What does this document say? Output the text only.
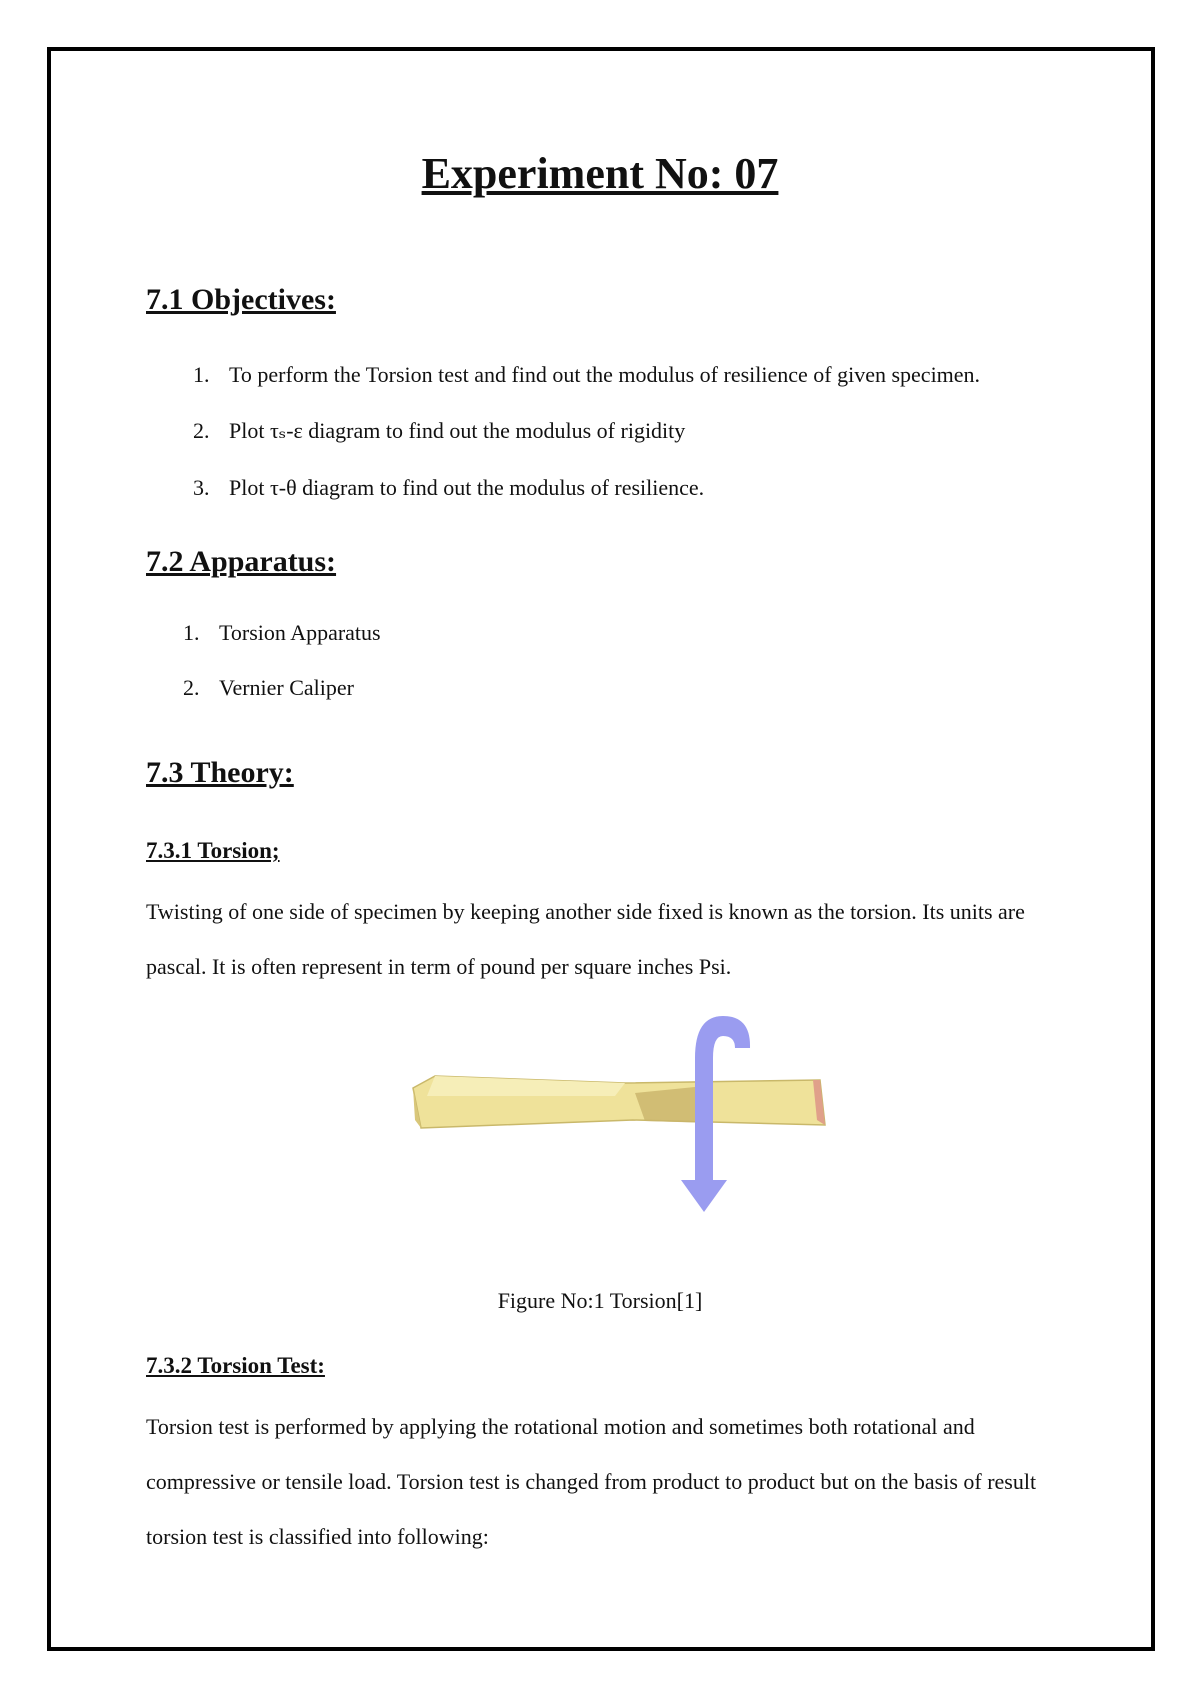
Experiment No: 07
7.1 Objectives:

1. To perform the Torsion test and find out the modulus of resilience of given specimen.

2. Plot τₛ-ε diagram to find out the modulus of rigidity

3. Plot τ-θ diagram to find out the modulus of resilience.

7.2 Apparatus:

1. Torsion Apparatus

2. Vernier Caliper

7.3 Theory:
7.3.1 Torsion;

Twisting of one side of specimen by keeping another side fixed is known as the torsion. Its units are pascal. It is often represent in term of pound per square inches Psi.

Figure No:1 Torsion[1]

7.3.2 Torsion Test:

Torsion test is performed by applying the rotational motion and sometimes both rotational and compressive or tensile load. Torsion test is changed from product to product but on the basis of result torsion test is classified into following:
